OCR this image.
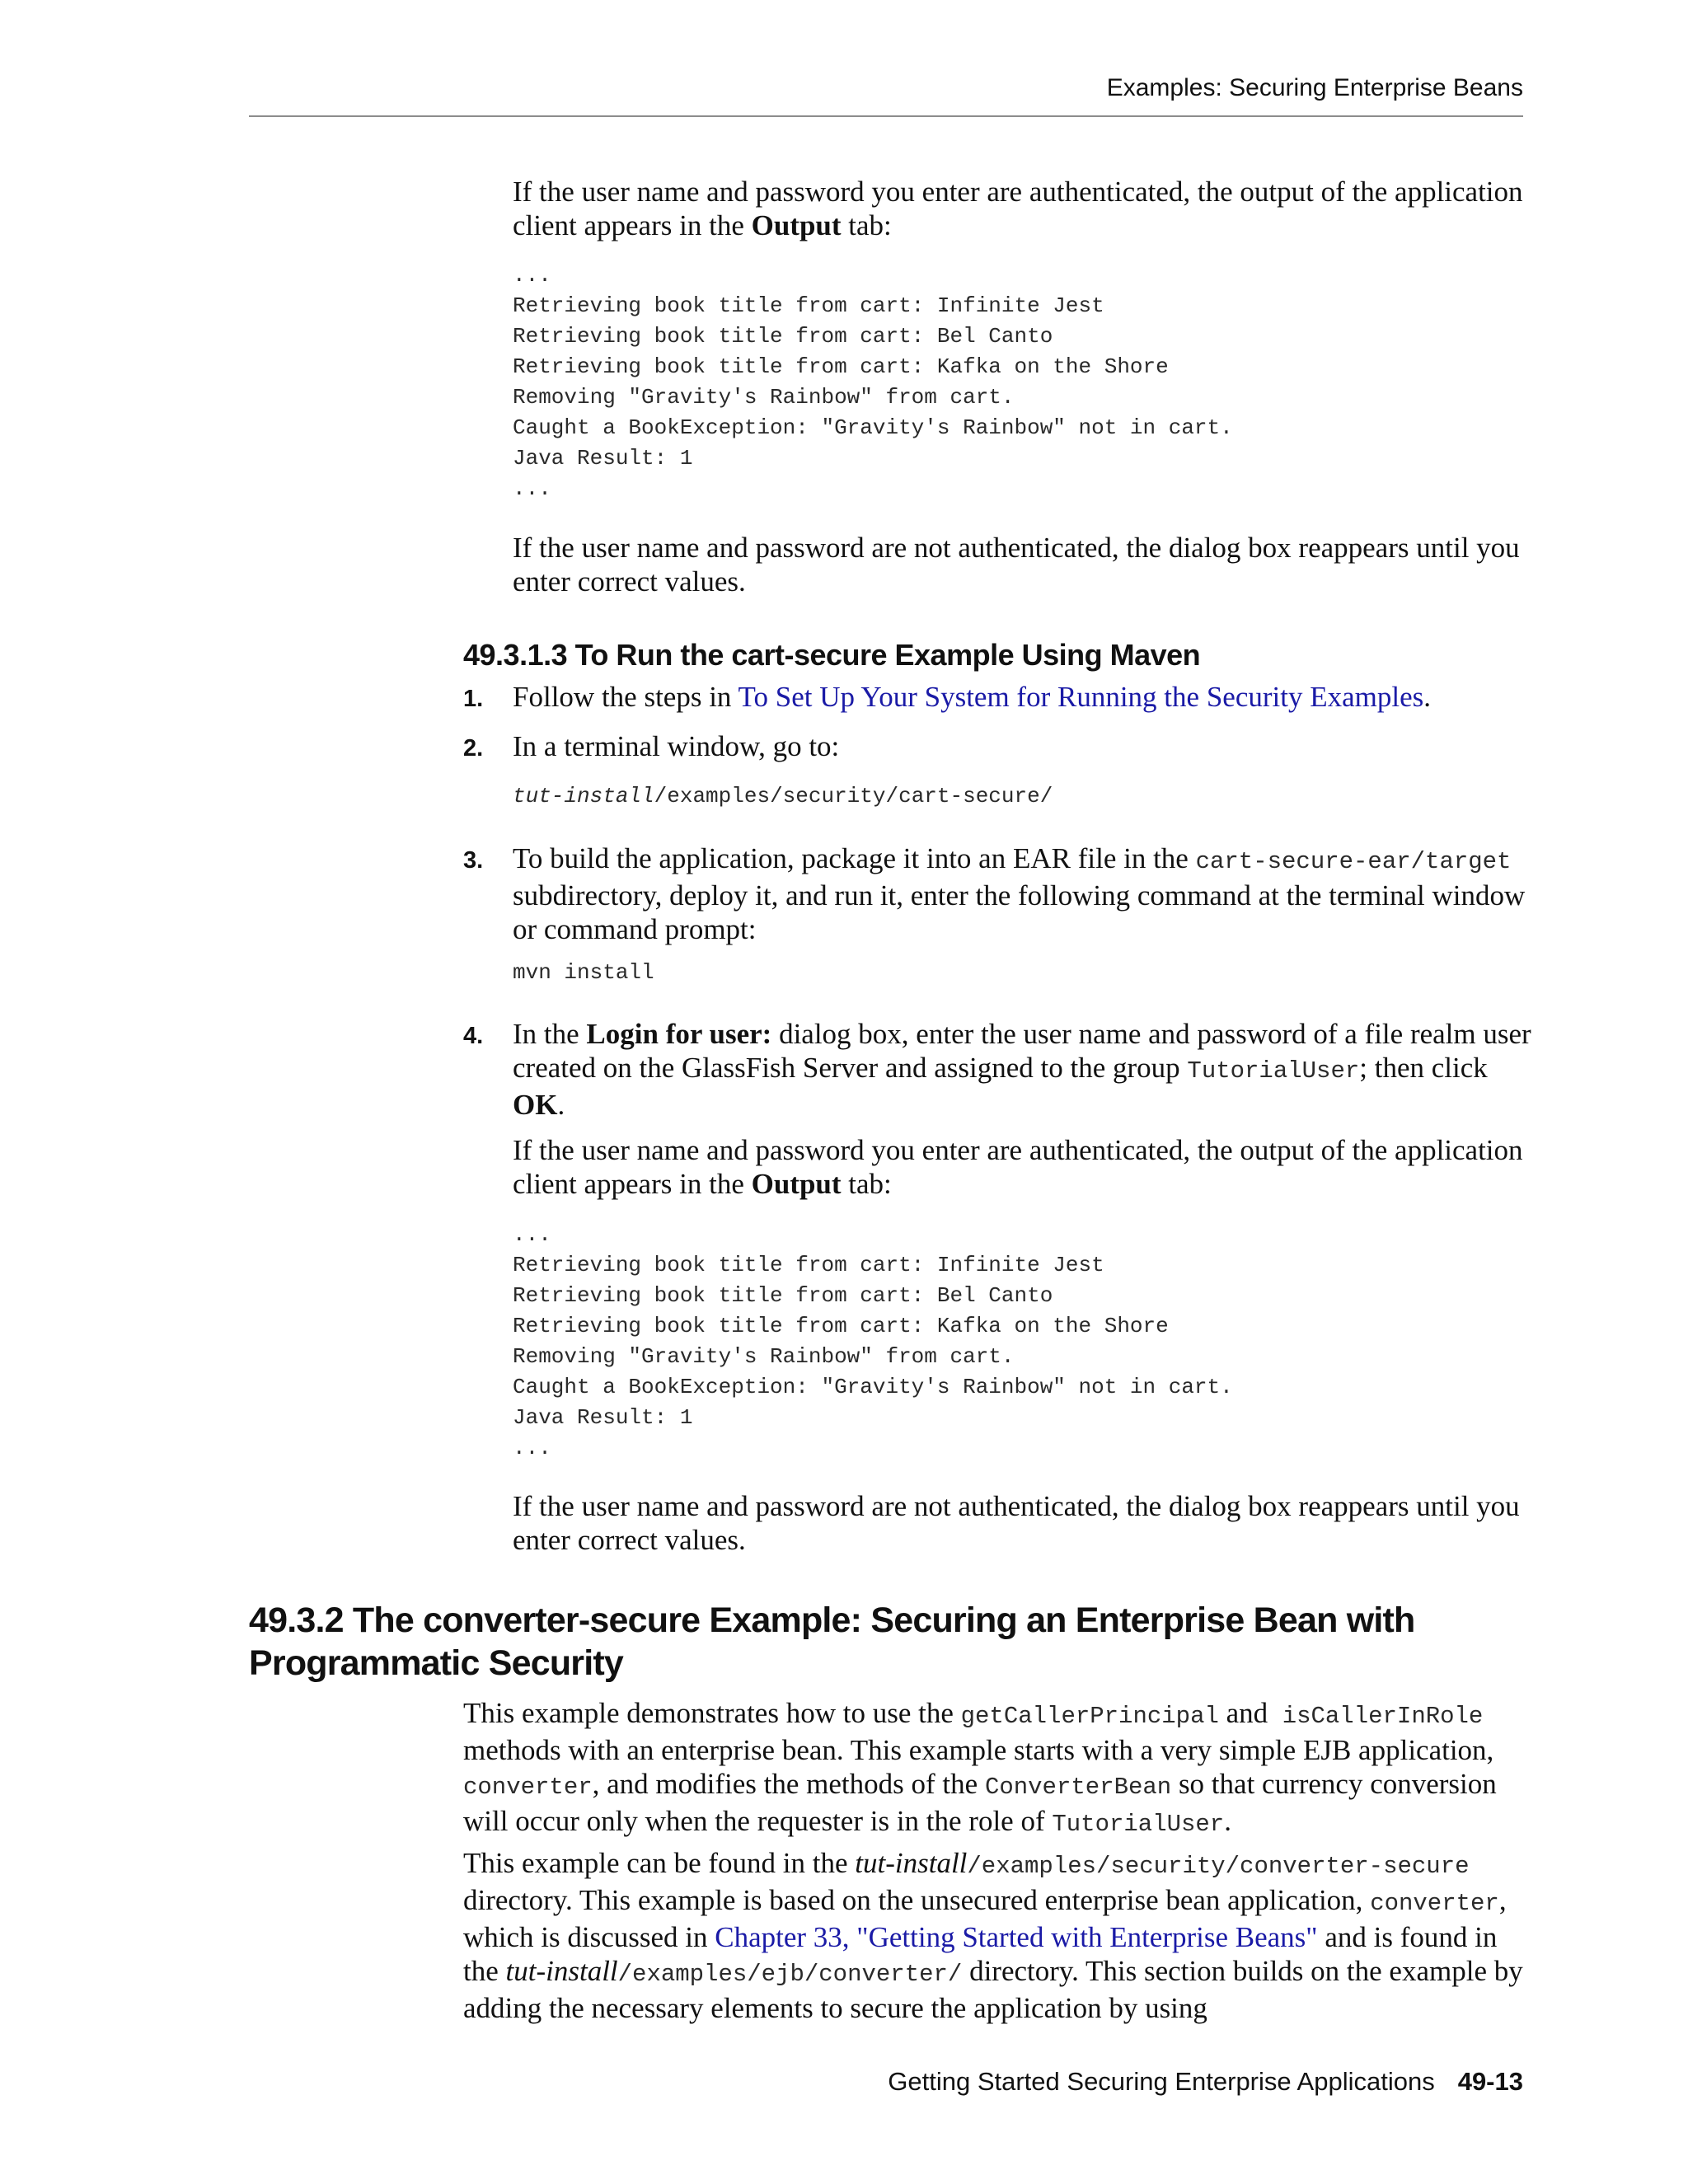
Examples: Securing Enterprise Beans

If the user name and password you enter are authenticated, the output of the application client appears in the Output tab:

...
Retrieving book title from cart: Infinite Jest
Retrieving book title from cart: Bel Canto
Retrieving book title from cart: Kafka on the Shore
Removing "Gravity's Rainbow" from cart.
Caught a BookException: "Gravity's Rainbow" not in cart.
Java Result: 1
...

If the user name and password are not authenticated, the dialog box reappears until you enter correct values.

49.3.1.3 To Run the cart-secure Example Using Maven
1. Follow the steps in To Set Up Your System for Running the Security Examples.

2. In a terminal window, go to:

tut-install/examples/security/cart-secure/

3. To build the application, package it into an EAR file in the cart-secure-ear/target subdirectory, deploy it, and run it, enter the following command at the terminal window or command prompt:

mvn install

4. In the Login for user: dialog box, enter the user name and password of a file realm user created on the GlassFish Server and assigned to the group TutorialUser; then click OK.

If the user name and password you enter are authenticated, the output of the application client appears in the Output tab:

...
Retrieving book title from cart: Infinite Jest
Retrieving book title from cart: Bel Canto
Retrieving book title from cart: Kafka on the Shore
Removing "Gravity's Rainbow" from cart.
Caught a BookException: "Gravity's Rainbow" not in cart.
Java Result: 1
...

If the user name and password are not authenticated, the dialog box reappears until you enter correct values.

49.3.2 The converter-secure Example: Securing an Enterprise Bean with Programmatic Security

This example demonstrates how to use the getCallerPrincipal and  isCallerInRole methods with an enterprise bean. This example starts with a very simple EJB application, converter, and modifies the methods of the ConverterBean so that currency conversion will occur only when the requester is in the role of TutorialUser.

This example can be found in the tut-install/examples/security/converter-secure directory. This example is based on the unsecured enterprise bean application, converter, which is discussed in Chapter 33, "Getting Started with Enterprise Beans" and is found in the tut-install/examples/ejb/converter/ directory. This section builds on the example by adding the necessary elements to secure the application by using

Getting Started Securing Enterprise Applications 49-13
